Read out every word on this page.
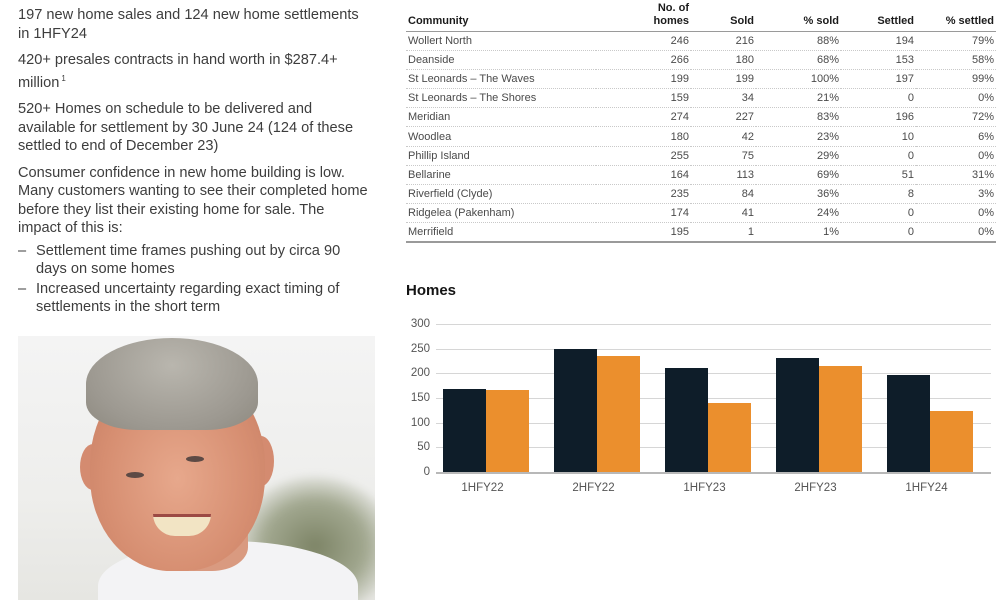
197 new home sales and 124 new home settlements in 1HFY24

420+ presales contracts in hand worth in $287.4+ million $^1$

520+ Homes on schedule to be delivered and available for settlement by 30 June 24 (124 of these settled to end of December 23)

Consumer confidence in new home building is low. Many customers wanting to see their completed home before they list their existing home for sale. The impact of this is:

– Settlement time frames pushing out by circa 90 days on some homes
– Increased uncertainty regarding exact timing of settlements in the short term
Community	No. of homes	Sold	% sold	Settled	% settled
Wollert North	246	216	88%	194	79%
Deanside	266	180	68%	153	58%
St Leonards – The Waves	199	199	100%	197	99%
St Leonards – The Shores	159	34	21%	0	0%
Meridian	274	227	83%	196	72%
Woodlea	180	42	23%	10	6%
Phillip Island	255	75	29%	0	0%
Bellarine	164	113	69%	51	31%
Riverfield (Clyde)	235	84	36%	8	3%
Ridgelea (Pakenham)	174	41	24%	0	0%
Merrifield	195	1	1%	0	0%
Homes
0
50
100
150
200
250
300
1HFY22	2HFY22	1HFY23	2HFY23	1HFY24
